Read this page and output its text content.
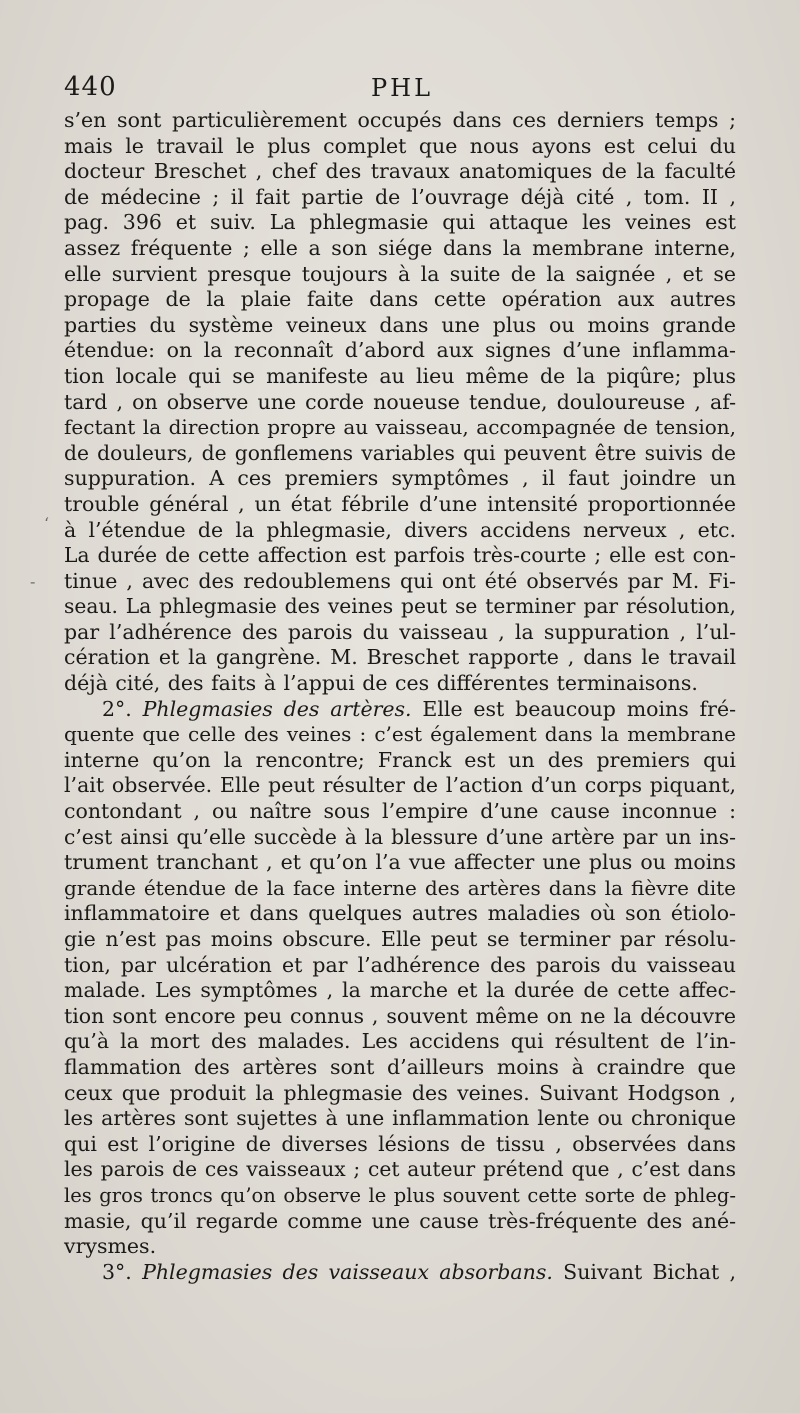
440	PHL
s’en sont particulièrement occupés dans ces derniers temps ;
mais le travail le plus complet que nous ayons est celui du
docteur Breschet , chef des travaux anatomiques de la faculté
de médecine ; il fait partie de l’ouvrage déjà cité , tom. II ,
pag. 396 et suiv. La phlegmasie qui attaque les veines est
assez fréquente ; elle a son siége dans la membrane interne,
elle survient presque toujours à la suite de la saignée , et se
propage de la plaie faite dans cette opération aux autres
parties du système veineux dans une plus ou moins grande
étendue: on la reconnaît d’abord aux signes d’une inflamma-
tion locale qui se manifeste au lieu même de la piqûre; plus
tard , on observe une corde noueuse tendue, douloureuse , af-
fectant la direction propre au vaisseau, accompagnée de tension,
de douleurs, de gonflemens variables qui peuvent être suivis de
suppuration. A ces premiers symptômes , il faut joindre un
trouble général , un état fébrile d’une intensité proportionnée
à l’étendue de la phlegmasie, divers accidens nerveux , etc.
La durée de cette affection est parfois très-courte ; elle est con-
tinue , avec des redoublemens qui ont été observés par M. Fi-
seau. La phlegmasie des veines peut se terminer par résolution,
par l’adhérence des parois du vaisseau , la suppuration , l’ul-
cération et la gangrène. M. Breschet rapporte , dans le travail
déjà cité, des faits à l’appui de ces différentes terminaisons.
2°. Phlegmasies des artères. Elle est beaucoup moins fré-
quente que celle des veines : c’est également dans la membrane
interne qu’on la rencontre; Franck est un des premiers qui
l’ait observée. Elle peut résulter de l’action d’un corps piquant,
contondant , ou naître sous l’empire d’une cause inconnue :
c’est ainsi qu’elle succède à la blessure d’une artère par un ins-
trument tranchant , et qu’on l’a vue affecter une plus ou moins
grande étendue de la face interne des artères dans la fièvre dite
inflammatoire et dans quelques autres maladies où son étiolo-
gie n’est pas moins obscure. Elle peut se terminer par résolu-
tion, par ulcération et par l’adhérence des parois du vaisseau
malade. Les symptômes , la marche et la durée de cette affec-
tion sont encore peu connus , souvent même on ne la découvre
qu’à la mort des malades. Les accidens qui résultent de l’in-
flammation des artères sont d’ailleurs moins à craindre que
ceux que produit la phlegmasie des veines. Suivant Hodgson ,
les artères sont sujettes à une inflammation lente ou chronique
qui est l’origine de diverses lésions de tissu , observées dans
les parois de ces vaisseaux ; cet auteur prétend que , c’est dans
les gros troncs qu’on observe le plus souvent cette sorte de phleg-
masie, qu’il regarde comme une cause très-fréquente des ané-
vrysmes.
3°. Phlegmasies des vaisseaux absorbans. Suivant Bichat ,
‘
-
